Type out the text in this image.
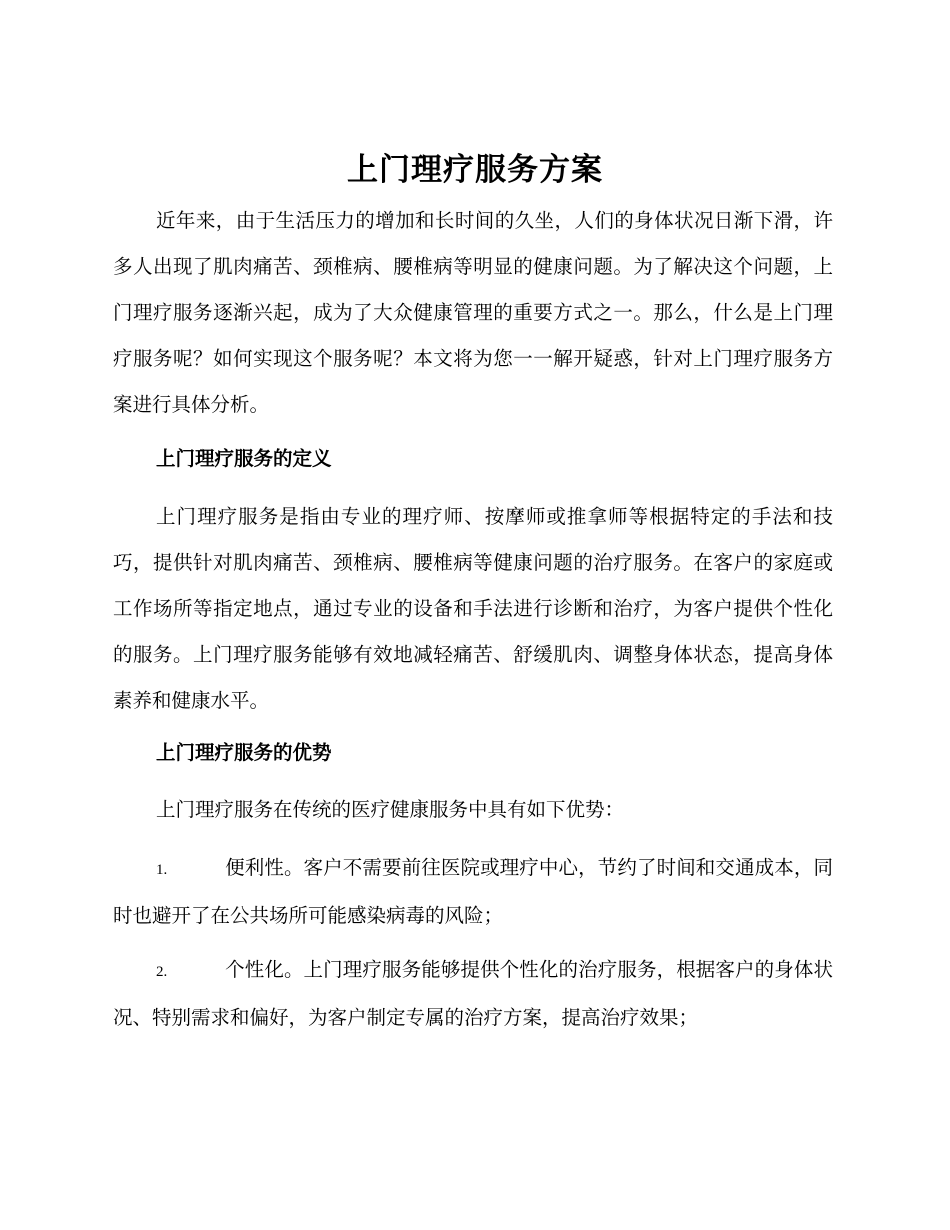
上门理疗服务方案

近年来，由于生活压力的增加和长时间的久坐，人们的身体状况日渐下滑，许多人出现了肌肉痛苦、颈椎病、腰椎病等明显的健康问题。为了解决这个问题，上门理疗服务逐渐兴起，成为了大众健康管理的重要方式之一。那么，什么是上门理疗服务呢？如何实现这个服务呢？本文将为您一一解开疑惑，针对上门理疗服务方案进行具体分析。

上门理疗服务的定义

上门理疗服务是指由专业的理疗师、按摩师或推拿师等根据特定的手法和技巧，提供针对肌肉痛苦、颈椎病、腰椎病等健康问题的治疗服务。在客户的家庭或工作场所等指定地点，通过专业的设备和手法进行诊断和治疗，为客户提供个性化的服务。上门理疗服务能够有效地减轻痛苦、舒缓肌肉、调整身体状态，提高身体素养和健康水平。

上门理疗服务的优势

上门理疗服务在传统的医疗健康服务中具有如下优势：

1.	便利性。客户不需要前往医院或理疗中心，节约了时间和交通成本，同时也避开了在公共场所可能感染病毒的风险；

2.	个性化。上门理疗服务能够提供个性化的治疗服务，根据客户的身体状况、特别需求和偏好，为客户制定专属的治疗方案，提高治疗效果；
